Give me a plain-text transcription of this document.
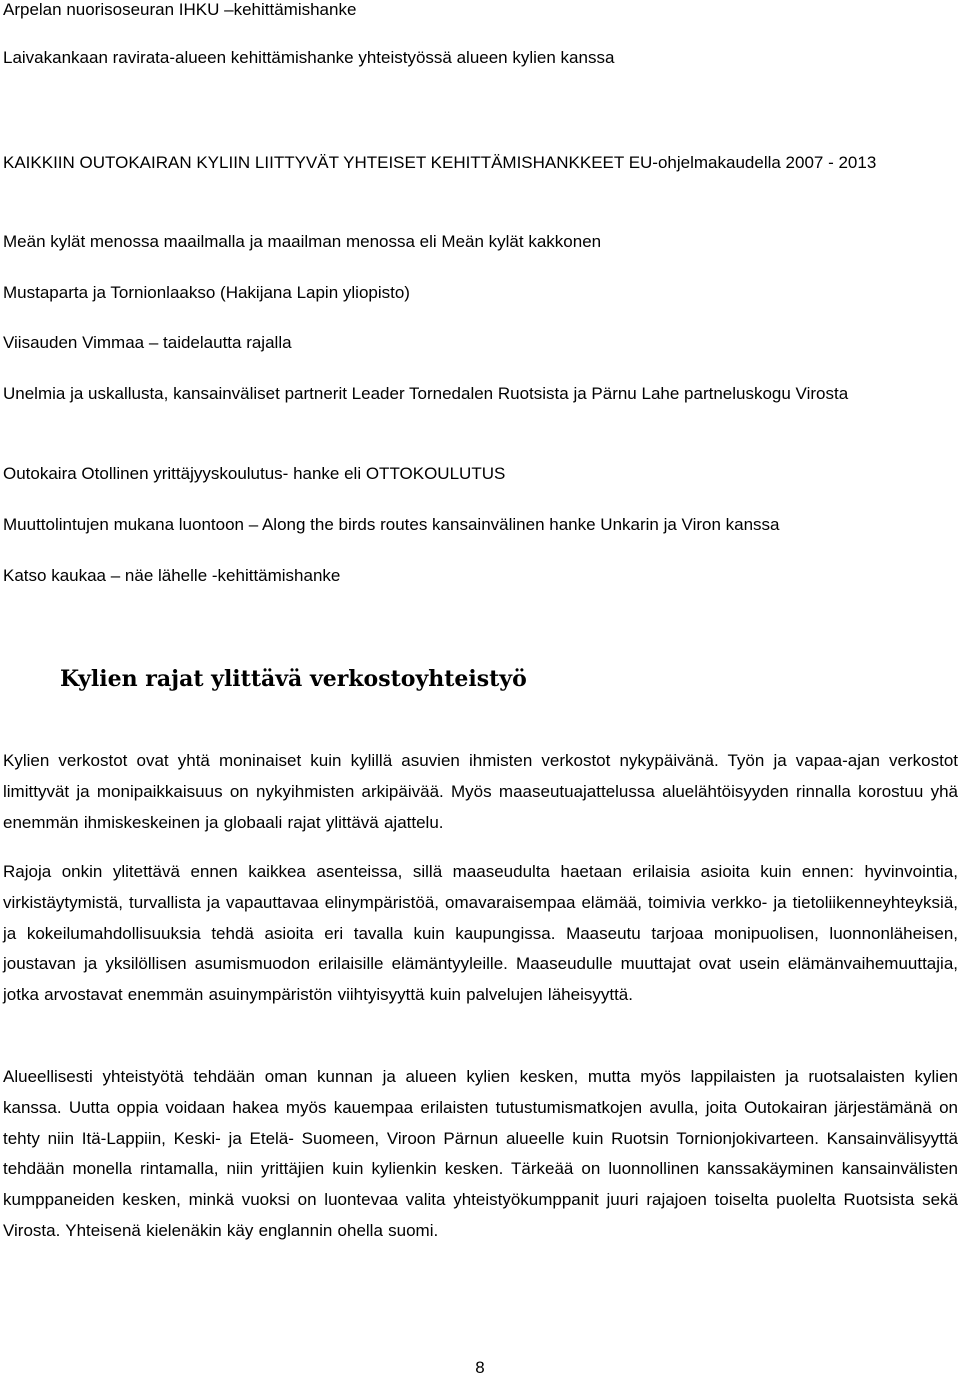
Arpelan nuorisoseuran IHKU –kehittämishanke

Laivakankaan ravirata-alueen kehittämishanke yhteistyössä alueen kylien kanssa

KAIKKIIN OUTOKAIRAN KYLIIN LIITTYVÄT YHTEISET KEHITTÄMISHANKKEET EU-ohjelmakaudella 2007 - 2013

Meän kylät menossa maailmalla ja maailman menossa eli Meän kylät kakkonen

Mustaparta ja Tornionlaakso (Hakijana Lapin yliopisto)

Viisauden Vimmaa – taidelautta rajalla

Unelmia ja uskallusta, kansainväliset partnerit Leader Tornedalen Ruotsista ja Pärnu Lahe partneluskogu Virosta

Outokaira Otollinen yrittäjyyskoulutus- hanke eli OTTOKOULUTUS

Muuttolintujen mukana luontoon – Along the birds routes kansainvälinen hanke Unkarin ja Viron kanssa

Katso kaukaa – näe lähelle -kehittämishanke

Kylien rajat ylittävä verkostoyhteistyö

Kylien verkostot ovat yhtä moninaiset kuin kylillä asuvien ihmisten verkostot nykypäivänä. Työn ja vapaa-ajan verkostot limittyvät ja monipaikkaisuus on nykyihmisten arkipäivää. Myös maaseutuajattelussa aluelähtöisyyden rinnalla korostuu yhä enemmän ihmiskeskeinen ja globaali rajat ylittävä ajattelu.

Rajoja onkin ylitettävä ennen kaikkea asenteissa, sillä maaseudulta haetaan erilaisia asioita kuin ennen: hyvinvointia, virkistäytymistä, turvallista ja vapauttavaa elinympäristöä, omavaraisempaa elämää, toimivia verkko- ja tietoliikenneyhteyksiä, ja kokeilumahdollisuuksia tehdä asioita eri tavalla kuin kaupungissa. Maaseutu tarjoaa monipuolisen, luonnonläheisen, joustavan ja yksilöllisen asumismuodon erilaisille elämäntyyleille. Maaseudulle muuttajat ovat usein elämänvaihemuuttajia, jotka arvostavat enemmän asuinympäristön viihtyisyyttä kuin palvelujen läheisyyttä.

Alueellisesti yhteistyötä tehdään oman kunnan ja alueen kylien kesken, mutta myös lappilaisten ja ruotsalaisten kylien kanssa. Uutta oppia voidaan hakea myös kauempaa erilaisten tutustumismatkojen avulla, joita Outokairan järjestämänä on tehty niin Itä-Lappiin, Keski- ja Etelä- Suomeen, Viroon Pärnun alueelle kuin Ruotsin Tornionjokivarteen. Kansainvälisyyttä tehdään monella rintamalla, niin yrittäjien kuin kylienkin kesken. Tärkeää on luonnollinen kanssakäyminen kansainvälisten kumppaneiden kesken, minkä vuoksi on luontevaa valita yhteistyökumppanit juuri rajajoen toiselta puolelta Ruotsista sekä Virosta. Yhteisenä kielenäkin käy englannin ohella suomi.

8
